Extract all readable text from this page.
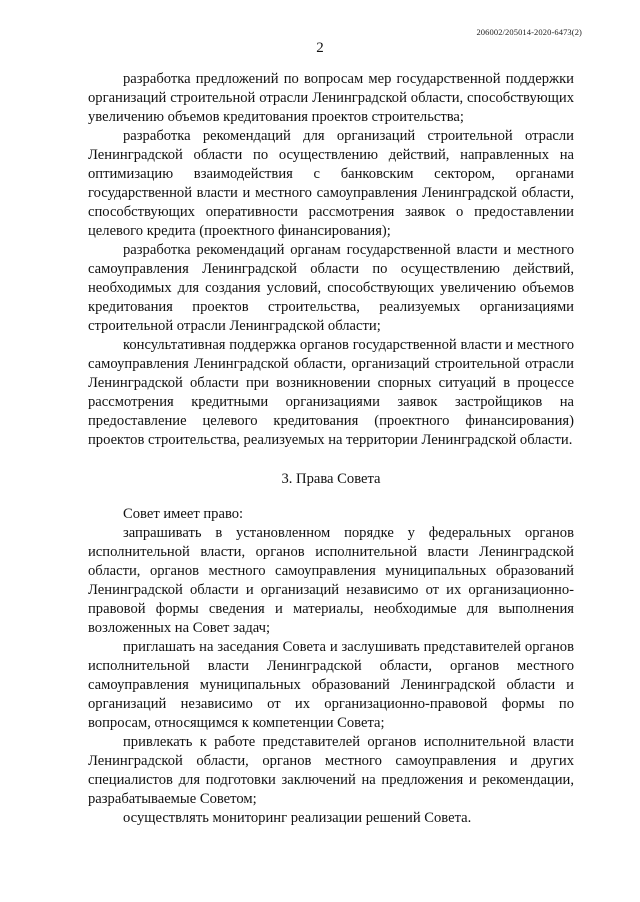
206002/205014-2020-6473(2)
2

разработка предложений по вопросам мер государственной поддержки организаций строительной отрасли Ленинградской области, способствующих увеличению объемов кредитования проектов строительства;

разработка рекомендаций для организаций строительной отрасли Ленинградской области по осуществлению действий, направленных на оптимизацию взаимодействия с банковским сектором, органами государственной власти и местного самоуправления Ленинградской области, способствующих оперативности рассмотрения заявок о предоставлении целевого кредита (проектного финансирования);

разработка рекомендаций органам государственной власти и местного самоуправления Ленинградской области по осуществлению действий, необходимых для создания условий, способствующих увеличению объемов кредитования проектов строительства, реализуемых организациями строительной отрасли Ленинградской области;

консультативная поддержка органов государственной власти и местного самоуправления Ленинградской области, организаций строительной отрасли Ленинградской области при возникновении спорных ситуаций в процессе рассмотрения кредитными организациями заявок застройщиков на предоставление целевого кредитования (проектного финансирования) проектов строительства, реализуемых на территории Ленинградской области.

3. Права Совета

Совет имеет право:

запрашивать в установленном порядке у федеральных органов исполнительной власти, органов исполнительной власти Ленинградской области, органов местного самоуправления муниципальных образований Ленинградской области и организаций независимо от их организационно-правовой формы сведения и материалы, необходимые для выполнения возложенных на Совет задач;

приглашать на заседания Совета и заслушивать представителей органов исполнительной власти Ленинградской области, органов местного самоуправления муниципальных образований Ленинградской области и организаций независимо от их организационно-правовой формы по вопросам, относящимся к компетенции Совета;

привлекать к работе представителей органов исполнительной власти Ленинградской области, органов местного самоуправления и других специалистов для подготовки заключений на предложения и рекомендации, разрабатываемые Советом;

осуществлять мониторинг реализации решений Совета.
